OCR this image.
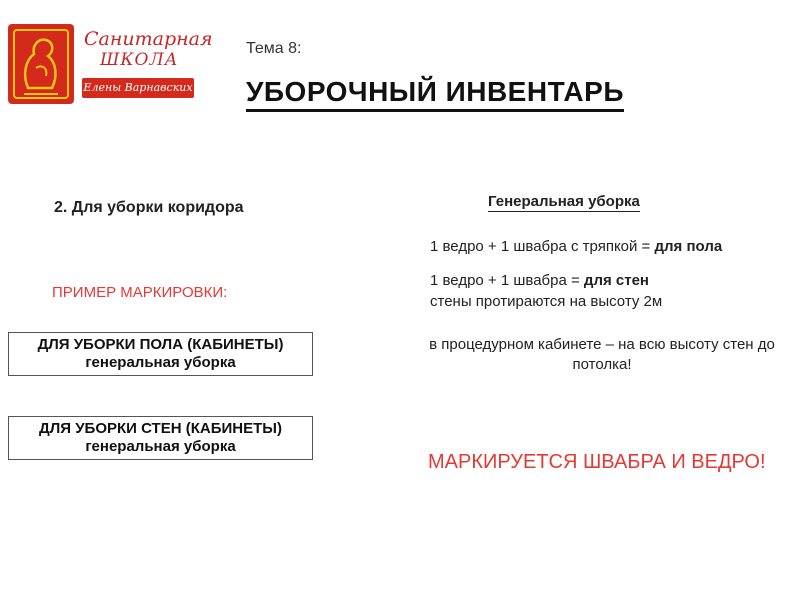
Санитарная
ШКОЛА
Елены Варнавских
Тема 8:
УБОРОЧНЫЙ ИНВЕНТАРЬ
2. Для уборки коридора
ПРИМЕР МАРКИРОВКИ:
ДЛЯ УБОРКИ ПОЛА (КАБИНЕТЫ)
генеральная уборка
ДЛЯ УБОРКИ СТЕН (КАБИНЕТЫ)
генеральная уборка
Генеральная уборка
1 ведро + 1 швабра с тряпкой = для пола
1 ведро + 1 швабра = для стен
стены протираются на высоту 2м
в процедурном кабинете – на всю высоту стен до
потолка!
МАРКИРУЕТСЯ ШВАБРА И ВЕДРО!
